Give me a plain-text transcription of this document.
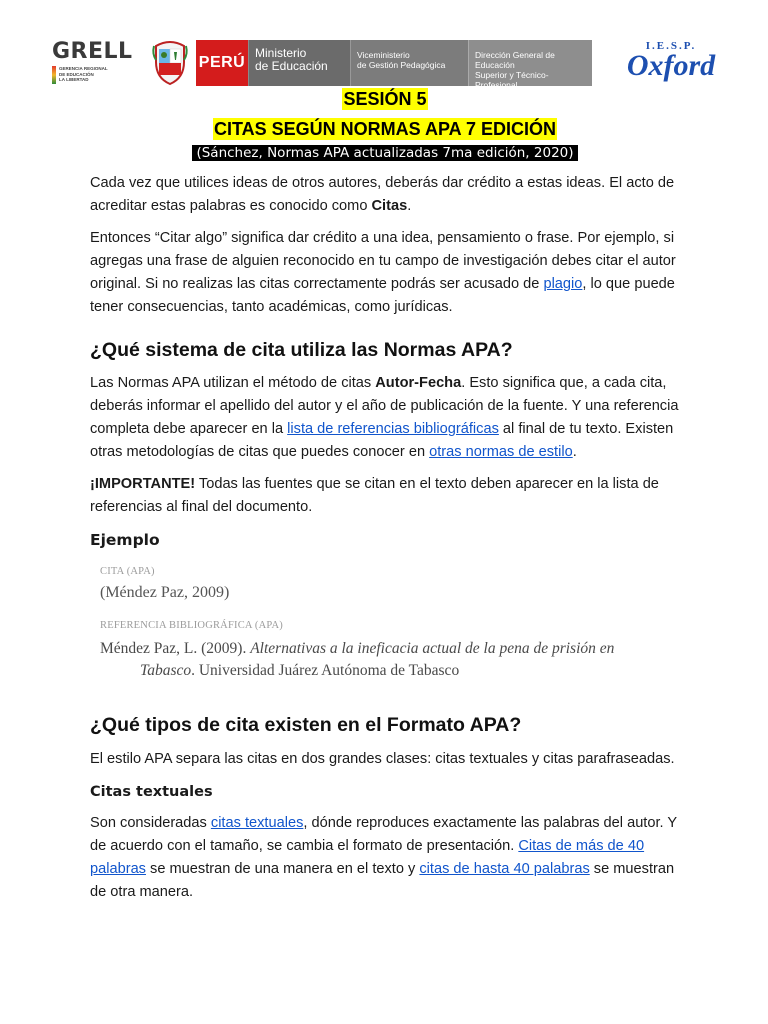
GRELL
GERENCIA REGIONAL
DE EDUCACIÓN
LA LIBERTAD
PERÚ
Ministerio
de Educación
Viceministerio
de Gestión Pedagógica
Dirección General de Educación
Superior y Técnico-Profesional
I.E.S.P.
Oxford
SESIÓN 5
CITAS SEGÚN NORMAS APA 7 EDICIÓN
(Sánchez, Normas APA actualizadas 7ma edición, 2020)

Cada vez que utilices ideas de otros autores, deberás dar crédito a estas ideas. El acto de acreditar estas palabras es conocido como Citas.

Entonces “Citar algo” significa dar crédito a una idea, pensamiento o frase. Por ejemplo, si agregas una frase de alguien reconocido en tu campo de investigación debes citar el autor original. Si no realizas las citas correctamente podrás ser acusado de plagio, lo que puede tener consecuencias, tanto académicas, como jurídicas.

¿Qué sistema de cita utiliza las Normas APA?

Las Normas APA utilizan el método de citas Autor-Fecha. Esto significa que, a cada cita, deberás informar el apellido del autor y el año de publicación de la fuente. Y una referencia completa debe aparecer en la lista de referencias bibliográficas al final de tu texto. Existen otras metodologías de citas que puedes conocer en otras normas de estilo.

¡IMPORTANTE! Todas las fuentes que se citan en el texto deben aparecer en la lista de referencias al final del documento.

Ejemplo
CITA (APA)
(Méndez Paz, 2009)
REFERENCIA BIBLIOGRÁFICA (APA)
Méndez Paz, L. (2009). Alternativas a la ineficacia actual de la pena de prisión en
Tabasco. Universidad Juárez Autónoma de Tabasco
¿Qué tipos de cita existen en el Formato APA?

El estilo APA separa las citas en dos grandes clases: citas textuales y citas parafraseadas.

Citas textuales

Son consideradas citas textuales, dónde reproduces exactamente las palabras del autor. Y de acuerdo con el tamaño, se cambia el formato de presentación. Citas de más de 40 palabras se muestran de una manera en el texto y citas de hasta 40 palabras se muestran de otra manera.
